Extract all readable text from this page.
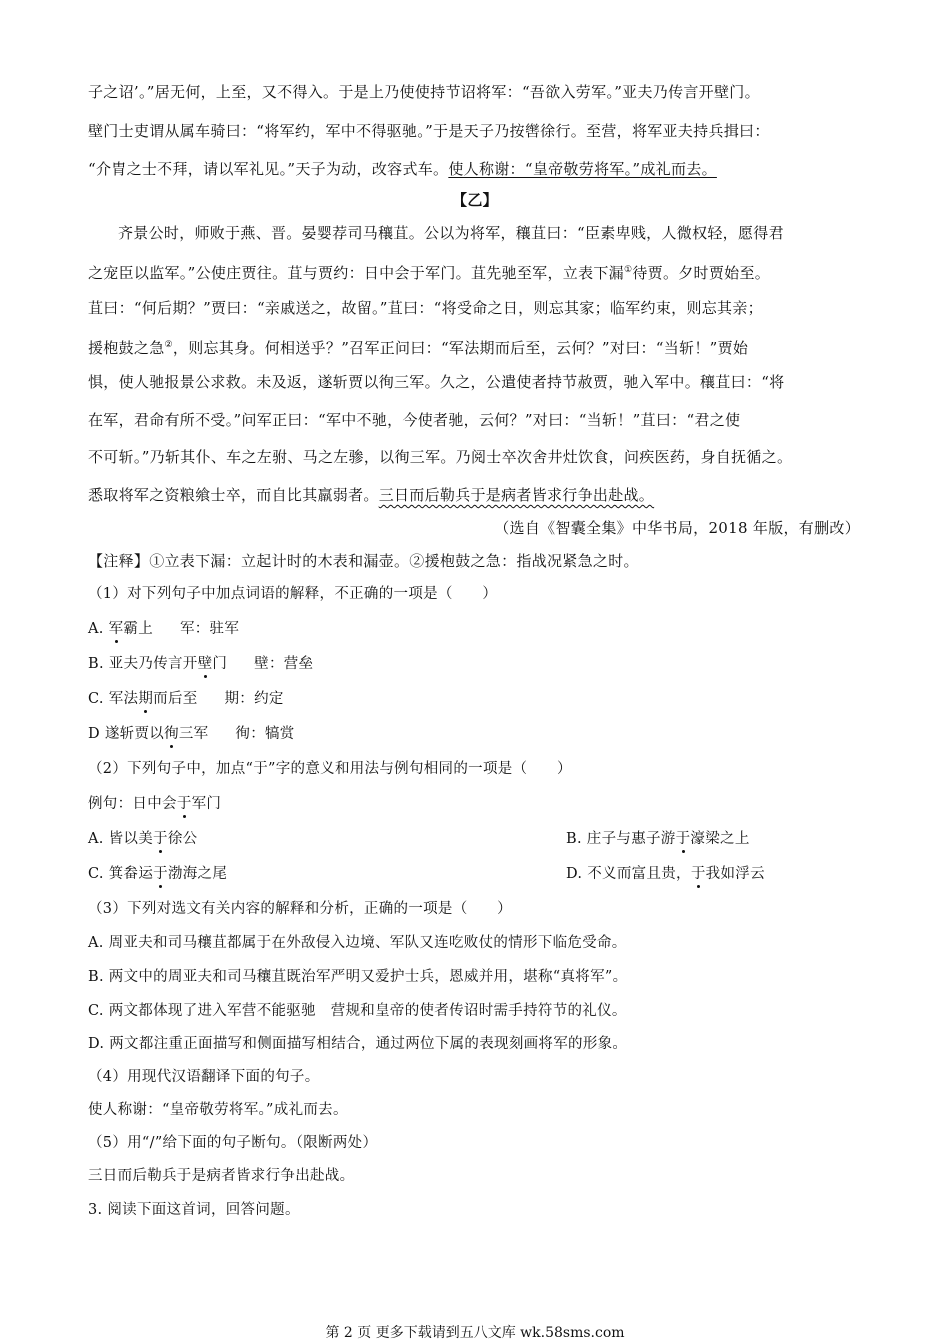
子之诏’。”居无何，上至，又不得入。于是上乃使使持节诏将军：“吾欲入劳军。”亚夫乃传言开壁门。
壁门士吏谓从属车骑曰：“将军约，军中不得驱驰。”于是天子乃按辔徐行。至营，将军亚夫持兵揖曰：
“介胄之士不拜，请以军礼见。”天子为动，改容式车。使人称谢：“皇帝敬劳将军。”成礼而去。
【乙】
齐景公时，师败于燕、晋。晏婴荐司马穰苴。公以为将军，穰苴曰：“臣素卑贱，人微权轻，愿得君
之宠臣以监军。”公使庄贾往。苴与贾约：日中会于军门。苴先驰至军，立表下漏①待贾。夕时贾始至。
苴曰：“何后期？”贾曰：“亲戚送之，故留。”苴曰：“将受命之日，则忘其家；临军约束，则忘其亲；
援枹鼓之急②，则忘其身。何相送乎？”召军正问曰：“军法期而后至，云何？”对曰：“当斩！”贾始
惧，使人驰报景公求救。未及返，遂斩贾以徇三军。久之，公遣使者持节赦贾，驰入军中。穰苴曰：“将
在军，君命有所不受。”问军正曰：“军中不驰，今使者驰，云何？”对曰：“当斩！”苴曰：“君之使
不可斩。”乃斩其仆、车之左驸、马之左骖，以徇三军。乃阅士卒次舍井灶饮食，问疾医药，身自抚循之。
悉取将军之资粮飨士卒，而自比其羸弱者。三日而后勒兵于是病者皆求行争出赴战。
（选自《智囊全集》中华书局，2018 年版，有删改）
【注释】①立表下漏：立起计时的木表和漏壶。②援枹鼓之急：指战况紧急之时。
（1）对下列句子中加点词语的解释，不正确的一项是（　　）
A. 军霸上 军：驻军
B. 亚夫乃传言开壁门 壁：营垒
C. 军法期而后至 期：约定
D 遂斩贾以徇三军 徇：犒赏
（2）下列句子中，加点“于”字的意义和用法与例句相同的一项是（　　）
例句：日中会于军门
A. 皆以美于徐公	B. 庄子与惠子游于濠梁之上
C. 箕畚运于渤海之尾	D. 不义而富且贵，于我如浮云
（3）下列对选文有关内容的解释和分析，正确的一项是（　　）
A. 周亚夫和司马穰苴都属于在外敌侵入边境、军队又连吃败仗的情形下临危受命。
B. 两文中的周亚夫和司马穰苴既治军严明又爱护士兵，恩威并用，堪称“真将军”。
C. 两文都体现了进入军营不能驱驰　营规和皇帝的使者传诏时需手持符节的礼仪。
D. 两文都注重正面描写和侧面描写相结合，通过两位下属的表现刻画将军的形象。
（4）用现代汉语翻译下面的句子。
使人称谢：“皇帝敬劳将军。”成礼而去。
（5）用“/”给下面的句子断句。（限断两处）
三日而后勒兵于是病者皆求行争出赴战。
3. 阅读下面这首词，回答问题。
第 2 页 更多下载请到五八文库 wk.58sms.com
